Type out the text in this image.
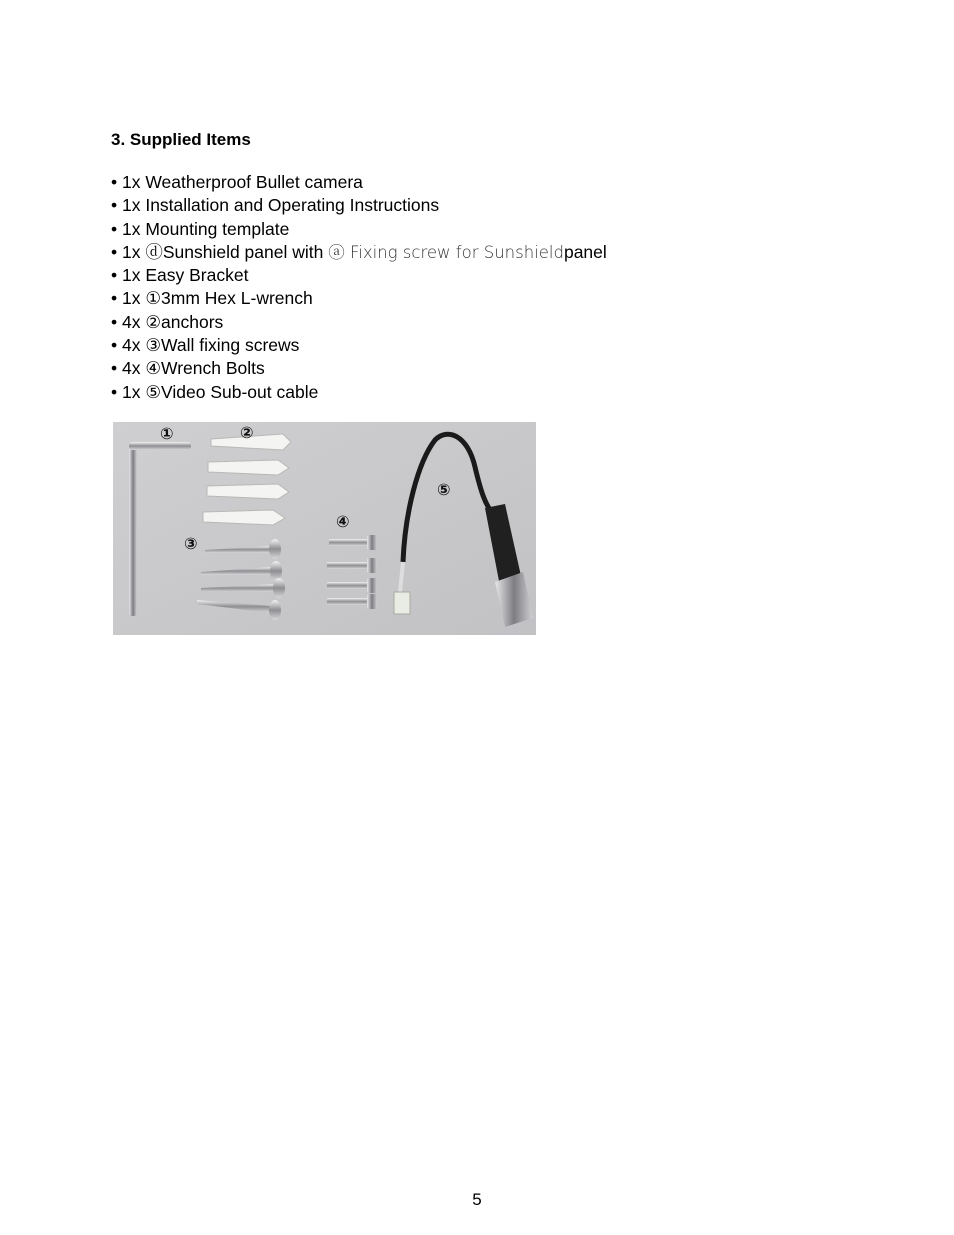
3. Supplied Items
• 1x Weatherproof Bullet camera
• 1x Installation and Operating Instructions
• 1x Mounting template
• 1x ⓓSunshield panel with ⓐ Fixing screw for Sunshieldpanel
• 1x Easy Bracket
• 1x ①3mm Hex L-wrench
• 4x ②anchors
• 4x ③Wall fixing screws
• 4x ④Wrench Bolts
• 1x ⑤Video Sub-out cable
①	②
③
④
⑤
5
